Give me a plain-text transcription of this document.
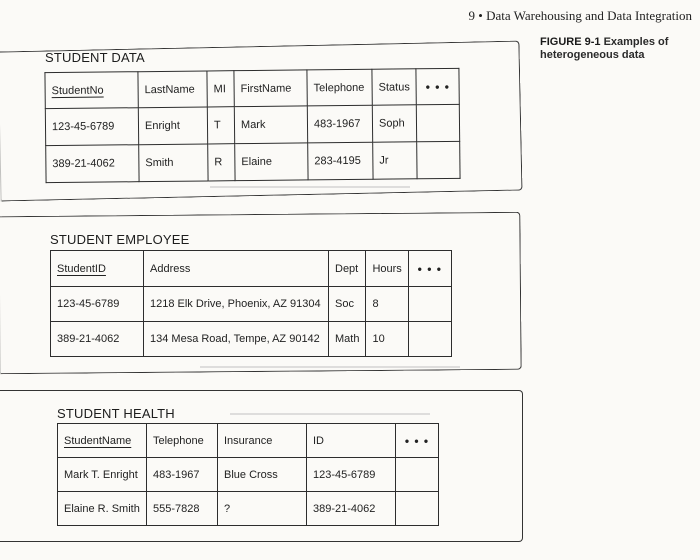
9 • Data Warehousing and Data Integration
FIGURE 9-1 Examples of heterogeneous data
STUDENT DATA
StudentNo	LastName	MI	FirstName	Telephone	Status	• • •
123-45-6789	Enright	T	Mark	483-1967	Soph	
389-21-4062	Smith	R	Elaine	283-4195	Jr	
STUDENT EMPLOYEE
StudentID	Address	Dept	Hours	• • •
123-45-6789	1218 Elk Drive, Phoenix, AZ 91304	Soc	8	
389-21-4062	134 Mesa Road, Tempe, AZ 90142	Math	10	
STUDENT HEALTH
StudentName	Telephone	Insurance	ID	• • •
Mark T. Enright	483-1967	Blue Cross	123-45-6789	
Elaine R. Smith	555-7828	?	389-21-4062	
